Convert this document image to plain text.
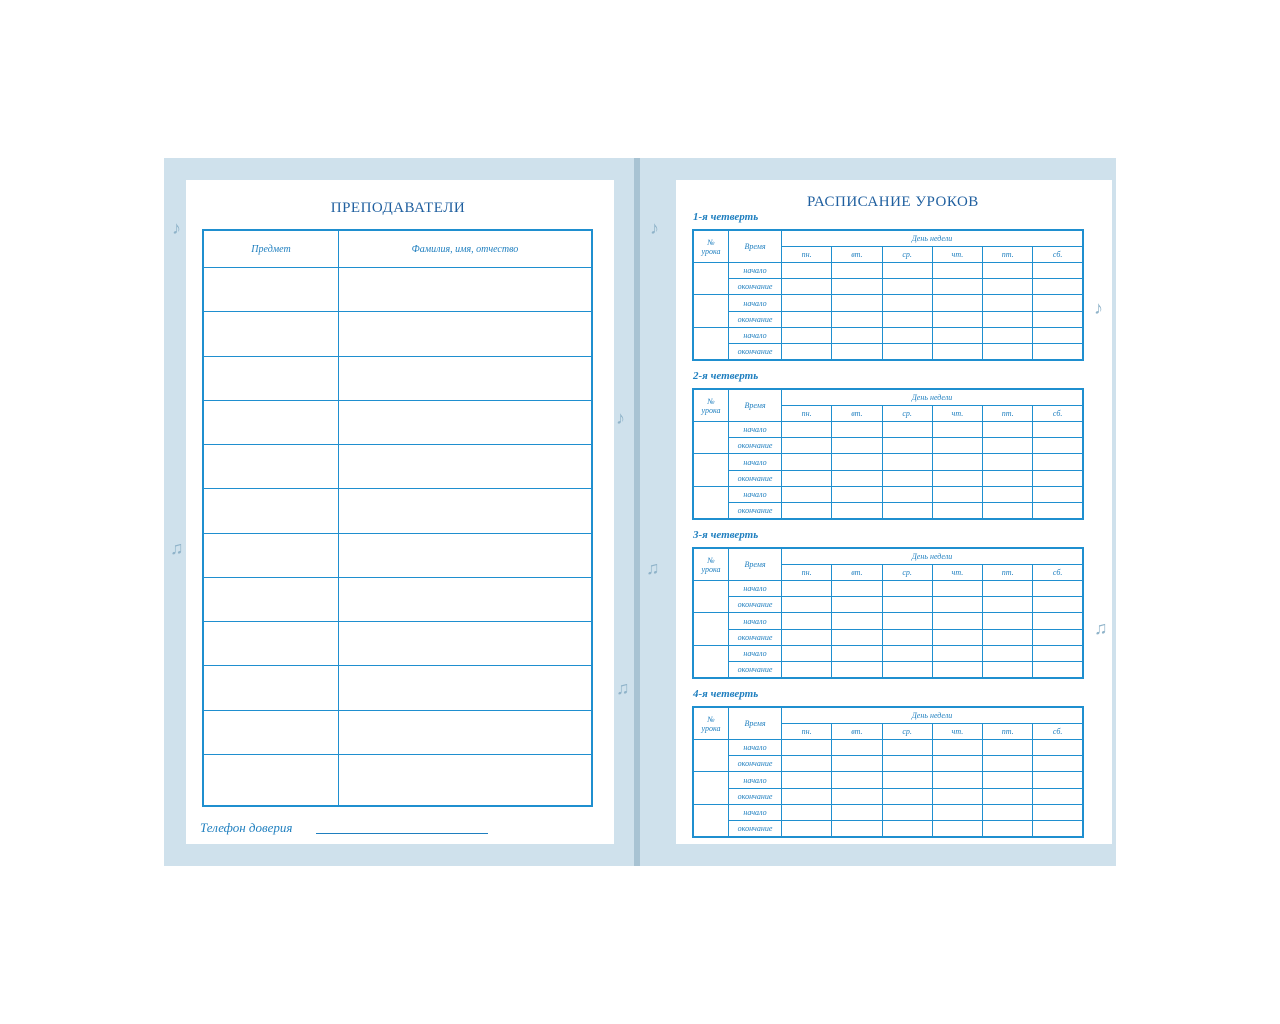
♪
♫
♪
♫
♪
♫
♪
♫
ПРЕПОДАВАТЕЛИ
Предмет	Фамилия, имя, отчество

Телефон доверия
РАСПИСАНИЕ УРОКОВ
1-я четверть
№
урока	Время	День недели					
		пн.	вт.	ср.	чт.	пт.	сб.
	начало						
	окончание						
	начало						
	окончание						
	начало						
	окончание						
2-я четверть
№
урока	Время	День недели					
		пн.	вт.	ср.	чт.	пт.	сб.
	начало						
	окончание						
	начало						
	окончание						
	начало						
	окончание						
3-я четверть
№
урока	Время	День недели					
		пн.	вт.	ср.	чт.	пт.	сб.
	начало						
	окончание						
	начало						
	окончание						
	начало						
	окончание						
4-я четверть
№
урока	Время	День недели					
		пн.	вт.	ср.	чт.	пт.	сб.
	начало						
	окончание						
	начало						
	окончание						
	начало						
	окончание						
